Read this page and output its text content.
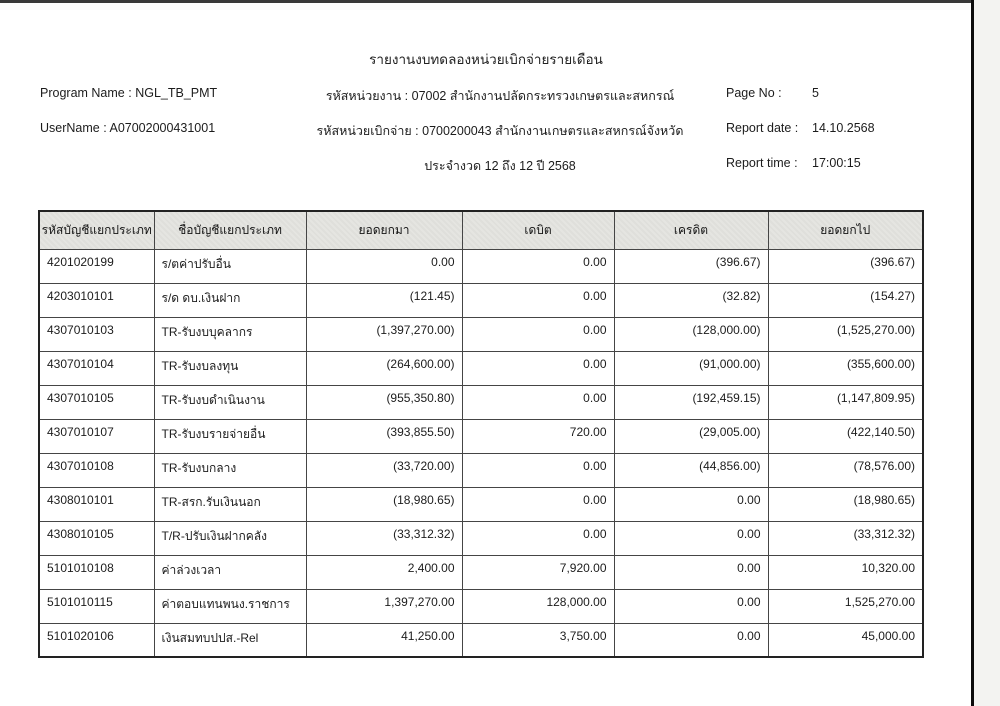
รายงานงบทดลองหน่วยเบิกจ่ายรายเดือน
Program Name : NGL_TB_PMT	รหัสหน่วยงาน : 07002 สำนักงานปลัดกระทรวงเกษตรและสหกรณ์	Page No : 5
UserName : A07002000431001	รหัสหน่วยเบิกจ่าย : 0700200043 สำนักงานเกษตรและสหกรณ์จังหวัด	Report date : 14.10.2568
ประจำงวด 12 ถึง 12 ปี 2568	Report time : 17:00:15
รหัสบัญชีแยกประเภท	ชื่อบัญชีแยกประเภท	ยอดยกมา	เดบิต	เครดิต	ยอดยกไป
4201020199	ร/ตค่าปรับอื่น	0.00	0.00	(396.67)	(396.67)
4203010101	ร/ด ดบ.เงินฝาก	(121.45)	0.00	(32.82)	(154.27)
4307010103	TR-รับงบบุคลากร	(1,397,270.00)	0.00	(128,000.00)	(1,525,270.00)
4307010104	TR-รับงบลงทุน	(264,600.00)	0.00	(91,000.00)	(355,600.00)
4307010105	TR-รับงบดำเนินงาน	(955,350.80)	0.00	(192,459.15)	(1,147,809.95)
4307010107	TR-รับงบรายจ่ายอื่น	(393,855.50)	720.00	(29,005.00)	(422,140.50)
4307010108	TR-รับงบกลาง	(33,720.00)	0.00	(44,856.00)	(78,576.00)
4308010101	TR-สรก.รับเงินนอก	(18,980.65)	0.00	0.00	(18,980.65)
4308010105	T/R-ปรับเงินฝากคลัง	(33,312.32)	0.00	0.00	(33,312.32)
5101010108	ค่าล่วงเวลา	2,400.00	7,920.00	0.00	10,320.00
5101010115	ค่าตอบแทนพนง.ราชการ	1,397,270.00	128,000.00	0.00	1,525,270.00
5101020106	เงินสมทบปปส.-Rel	41,250.00	3,750.00	0.00	45,000.00
